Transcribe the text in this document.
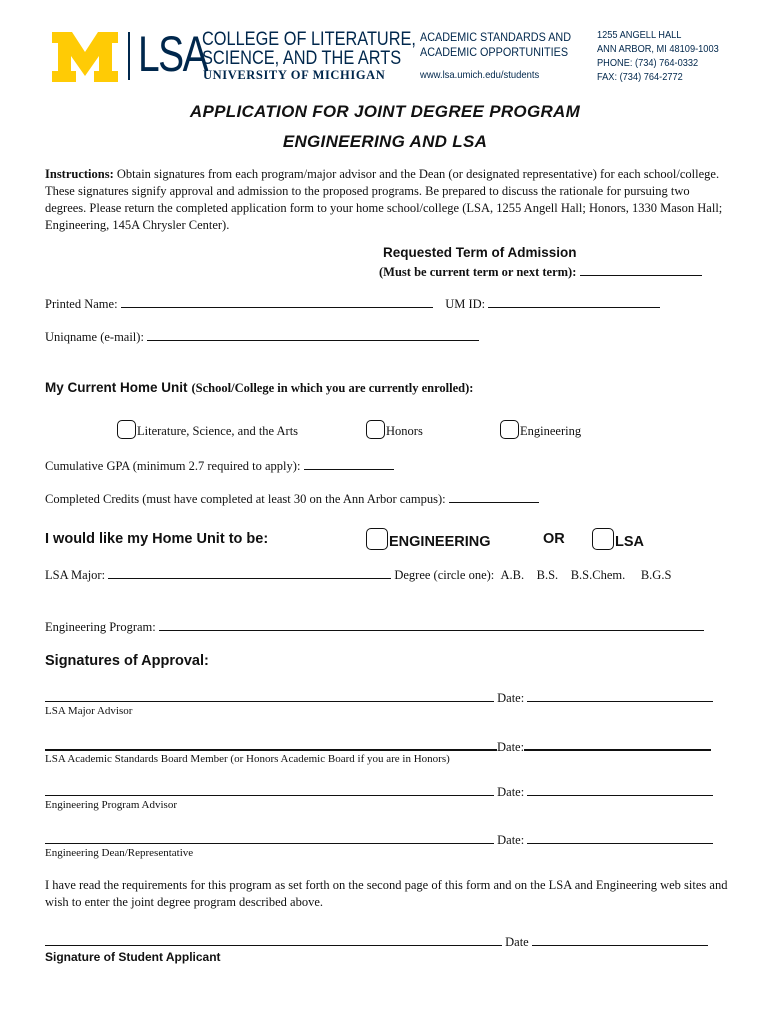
LSA
COLLEGE OF LITERATURE,
SCIENCE, AND THE ARTS
UNIVERSITY OF MICHIGAN
ACADEMIC STANDARDS AND
ACADEMIC OPPORTUNITIES
www.lsa.umich.edu/students
1255 ANGELL HALL
ANN ARBOR, MI 48109-1003
PHONE: (734) 764-0332
FAX: (734) 764-2772
APPLICATION FOR JOINT DEGREE PROGRAM
ENGINEERING AND LSA
Instructions: Obtain signatures from each program/major advisor and the Dean (or designated representative) for each school/college. These signatures signify approval and admission to the proposed programs. Be prepared to discuss the rationale for pursuing two degrees. Please return the completed application form to your home school/college (LSA, 1255 Angell Hall; Honors, 1330 Mason Hall; Engineering, 145A Chrysler Center).
Requested Term of Admission
(Must be current term or next term):
Printed Name:	UM ID:
Uniqname (e-mail):
My Current Home Unit (School/College in which you are currently enrolled):
Literature, Science, and the Arts	Honors	Engineering
Cumulative GPA (minimum 2.7 required to apply):
Completed Credits (must have completed at least 30 on the Ann Arbor campus):
I would like my Home Unit to be:	ENGINEERING	OR	LSA
LSA Major:	Degree (circle one): A.B. B.S. B.S.Chem. B.G.S
Engineering Program:
Signatures of Approval:
Date:
LSA Major Advisor
Date:
LSA Academic Standards Board Member (or Honors Academic Board if you are in Honors)
Date:
Engineering Program Advisor
Date:
Engineering Dean/Representative
I have read the requirements for this program as set forth on the second page of this form and on the LSA and Engineering web sites and wish to enter the joint degree program described above.
Date
Signature of Student Applicant
